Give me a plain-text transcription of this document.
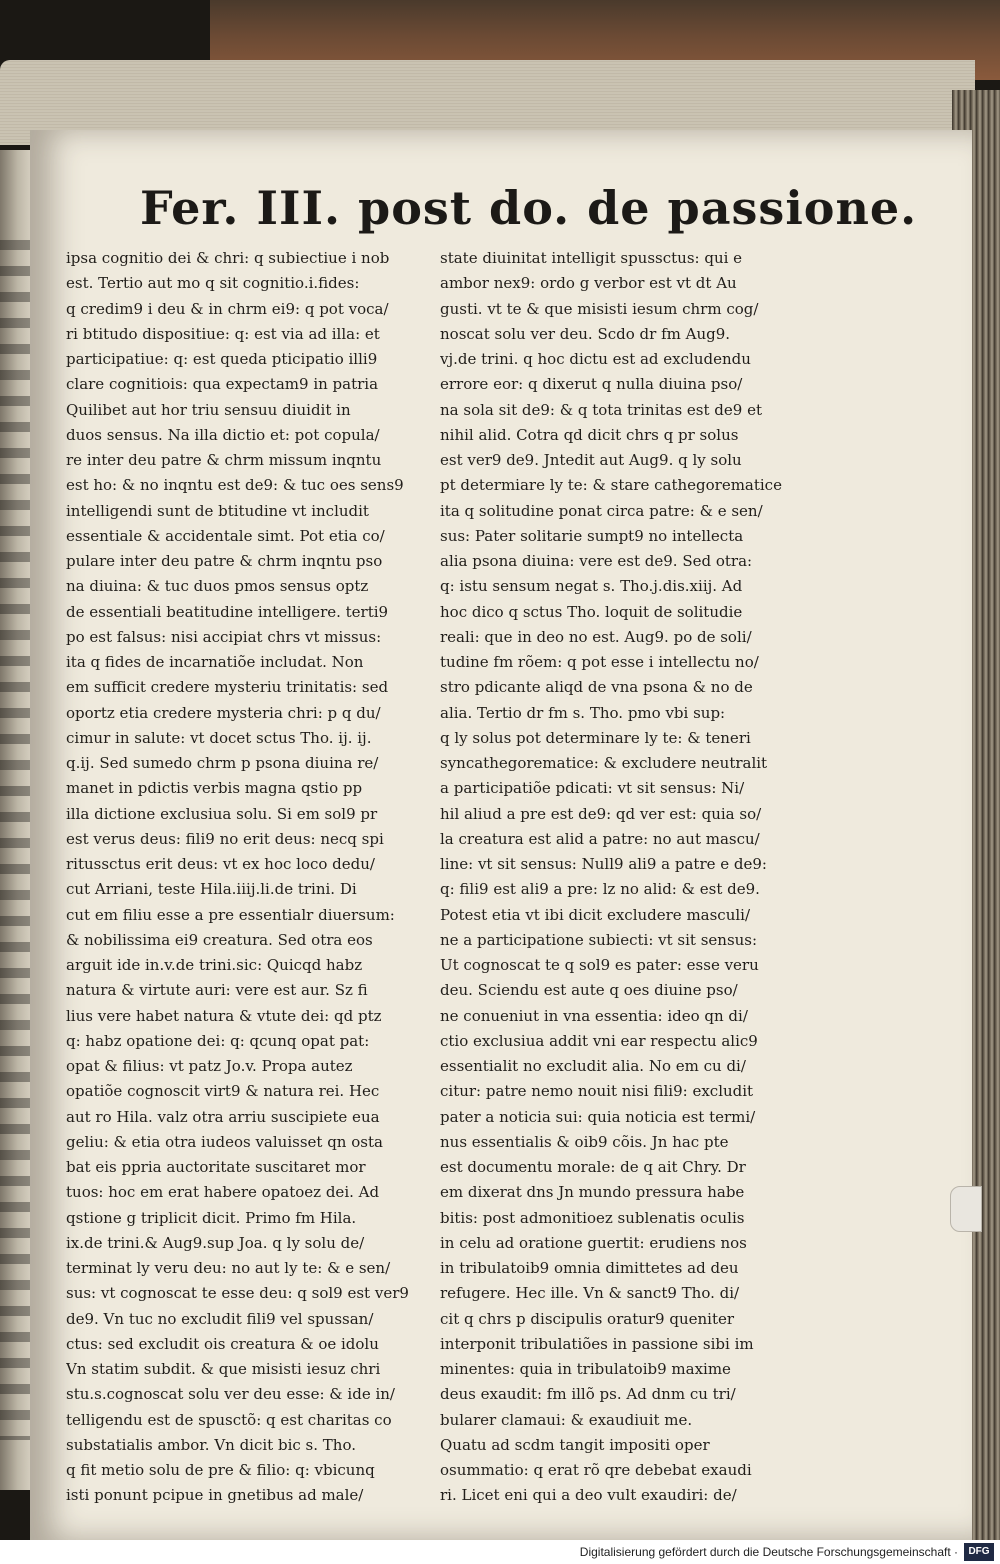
Fer. III. post do. de passione.
ipsa cognitio dei & chri: q subiectiue i nob
est. Tertio aut mo q sit cognitio.i.fides:
q credim9 i deu & in chrm ei9: q pot voca/
ri btitudo dispositiue: q: est via ad illa: et
participatiue: q: est queda pticipatio illi9
clare cognitiois: qua expectam9 in patria
Quilibet aut hor triu sensuu diuidit in
duos sensus. Na illa dictio et: pot copula/
re inter deu patre & chrm missum inqntu
est ho: & no inqntu est de9: & tuc oes sens9
intelligendi sunt de btitudine vt includit
essentiale & accidentale simt. Pot etia co/
pulare inter deu patre & chrm inqntu pso
na diuina: & tuc duos pmos sensus optz
de essentiali beatitudine intelligere. terti9
po est falsus: nisi accipiat chrs vt missus:
ita q fides de incarnatiõe includat. Non
em sufficit credere mysteriu trinitatis: sed
oportz etia credere mysteria chri: p q du/
cimur in salute: vt docet sctus Tho. ij. ij.
q.ij. Sed sumedo chrm p psona diuina re/
manet in pdictis verbis magna qstio pp
illa dictione exclusiua solu. Si em sol9 pr
est verus deus: fili9 no erit deus: necq spi
ritussctus erit deus: vt ex hoc loco dedu/
cut Arriani, teste Hila.iiij.li.de trini. Di
cut em filiu esse a pre essentialr diuersum:
& nobilissima ei9 creatura. Sed otra eos
arguit ide in.v.de trini.sic: Quicqd habz
natura & virtute auri: vere est aur. Sz fi
lius vere habet natura & vtute dei: qd ptz
q: habz opatione dei: q: qcunq opat pat:
opat & filius: vt patz Jo.v. Propa autez
opatiõe cognoscit virt9 & natura rei. Hec
aut ro Hila. valz otra arriu suscipiete eua
geliu: & etia otra iudeos valuisset qn osta
bat eis ppria auctoritate suscitaret mor
tuos: hoc em erat habere opatoez dei. Ad
qstione g triplicit dicit. Primo fm Hila.
ix.de trini.& Aug9.sup Joa. q ly solu de/
terminat ly veru deu: no aut ly te: & e sen/
sus: vt cognoscat te esse deu: q sol9 est ver9
de9. Vn tuc no excludit fili9 vel spussan/
ctus: sed excludit ois creatura & oe idolu
Vn statim subdit. & que misisti iesuz chri
stu.s.cognoscat solu ver deu esse: & ide in/
telligendu est de spusctõ: q est charitas co
substatialis ambor. Vn dicit bic s. Tho.
q fit metio solu de pre & filio: q: vbicunq
isti ponunt pcipue in gnetibus ad male/
state diuinitat intelligit spussctus: qui e
ambor nex9: ordo g verbor est vt dt Au
gusti. vt te & que misisti iesum chrm cog/
noscat solu ver deu. Scdo dr fm Aug9.
vj.de trini. q hoc dictu est ad excludendu
errore eor: q dixerut q nulla diuina pso/
na sola sit de9: & q tota trinitas est de9 et
nihil alid. Cotra qd dicit chrs q pr solus
est ver9 de9. Jntedit aut Aug9. q ly solu
pt determiare ly te: & stare cathegorematice
ita q solitudine ponat circa patre: & e sen/
sus: Pater solitarie sumpt9 no intellecta
alia psona diuina: vere est de9. Sed otra:
q: istu sensum negat s. Tho.j.dis.xiij. Ad
hoc dico q sctus Tho. loquit de solitudie
reali: que in deo no est. Aug9. po de soli/
tudine fm rõem: q pot esse i intellectu no/
stro pdicante aliqd de vna psona & no de
alia. Tertio dr fm s. Tho. pmo vbi sup:
q ly solus pot determinare ly te: & teneri
syncathegorematice: & excludere neutralit
a participatiõe pdicati: vt sit sensus: Ni/
hil aliud a pre est de9: qd ver est: quia so/
la creatura est alid a patre: no aut mascu/
line: vt sit sensus: Null9 ali9 a patre e de9:
q: fili9 est ali9 a pre: lz no alid: & est de9.
Potest etia vt ibi dicit excludere masculi/
ne a participatione subiecti: vt sit sensus:
Ut cognoscat te q sol9 es pater: esse veru
deu. Sciendu est aute q oes diuine pso/
ne conueniut in vna essentia: ideo qn di/
ctio exclusiua addit vni ear respectu alic9
essentialit no excludit alia. No em cu di/
citur: patre nemo nouit nisi fili9: excludit
pater a noticia sui: quia noticia est termi/
nus essentialis & oib9 cõis. Jn hac pte
est documentu morale: de q ait Chry. Dr
em dixerat dns Jn mundo pressura habe
bitis: post admonitioez sublenatis oculis
in celu ad oratione guertit: erudiens nos
in tribulatoib9 omnia dimittetes ad deu
refugere. Hec ille. Vn & sanct9 Tho. di/
cit q chrs p discipulis oratur9 queniter
interponit tribulatiões in passione sibi im
minentes: quia in tribulatoib9 maxime
deus exaudit: fm illõ ps. Ad dnm cu tri/
bularer clamaui: & exaudiuit me.
Quatu ad scdm tangit impositi oper
osummatio: q erat rõ qre debebat exaudi
ri. Licet eni qui a deo vult exaudiri: de/
Digitalisierung gefördert durch die Deutsche Forschungsgemeinschaft ·	DFG
